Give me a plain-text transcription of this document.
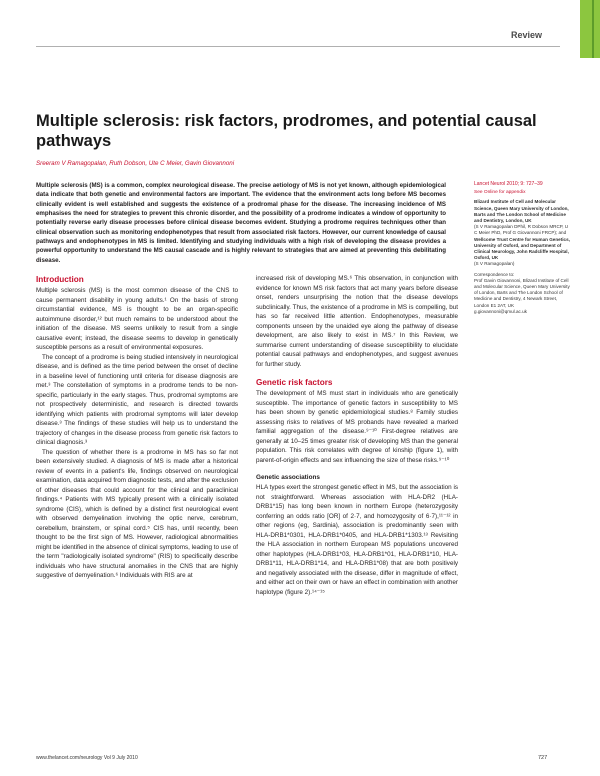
Review
Multiple sclerosis: risk factors, prodromes, and potential causal pathways
Sreeram V Ramagopalan, Ruth Dobson, Ute C Meier, Gavin Giovannoni
Multiple sclerosis (MS) is a common, complex neurological disease. The precise aetiology of MS is not yet known, although epidemiological data indicate that both genetic and environmental factors are important. The evidence that the environment acts long before MS becomes clinically evident is well established and suggests the existence of a prodromal phase for the disease. The increasing incidence of MS emphasises the need for strategies to prevent this chronic disorder, and the possibility of a prodrome indicates a window of opportunity to potentially reverse early disease processes before clinical disease becomes evident. Studying a prodrome requires techniques other than clinical observation such as monitoring endophenotypes that result from associated risk factors. However, our current knowledge of causal pathways and endophenotypes in MS is limited. Identifying and studying individuals with a high risk of developing the disease provides a powerful opportunity to understand the MS causal cascade and is highly relevant to strategies that are aimed at preventing this debilitating disease.
Lancet Neurol 2010; 9: 727–39
See Online for appendix
Blizard Institute of Cell and Molecular Science, Queen Mary University of London, Barts and The London School of Medicine and Dentistry, London, UK
(S V Ramagopalan DPhil, R Dobson MRCP, U C Meier PhD, Prof G Giovannoni FRCP); and
Wellcome Trust Centre for Human Genetics, University of Oxford, and Department of Clinical Neurology, John Radcliffe Hospital, Oxford, UK
(S V Ramagopalan)
Correspondence to:
Prof Gavin Giovannoni, Blizard Institute of Cell and Molecular Science, Queen Mary University of London, Barts and The London School of Medicine and Dentistry, 4 Newark Street, London E1 2AT, UK
g.giovannoni@qmul.ac.uk
Introduction

Multiple sclerosis (MS) is the most common disease of the CNS to cause permanent disability in young adults.¹ On the basis of strong circumstantial evidence, MS is thought to be an organ-specific autoimmune disorder,¹² but much remains to be understood about the initiation of the disease. MS seems unlikely to result from a single causative event; instead, the disease seems to develop in genetically susceptible persons as a result of environmental exposures.

The concept of a prodrome is being studied intensively in neurological disease, and is defined as the time period between the onset of decline in a baseline level of functioning until criteria for disease diagnosis are met.³ The constellation of symptoms in a prodrome tends to be non-specific, particularly in the early stages. Thus, prodromal symptoms are not prospectively deterministic, and research is directed towards identifying which patients with prodromal symptoms will later develop disease.³ The findings of these studies will help us to understand the trajectory of changes in the disease process from genetic risk factors to clinical diagnosis.³

The question of whether there is a prodrome in MS has so far not been extensively studied. A diagnosis of MS is made after a historical review of events in a patient's life, findings observed on neurological examination, data acquired from diagnostic tests, and after the exclusion of other diseases that could account for the clinical and paraclinical findings.⁴ Patients with MS typically present with a clinically isolated syndrome (CIS), which is defined by a distinct first neurological event with observed demyelination involving the optic nerve, cerebrum, cerebellum, brainstem, or spinal cord.⁵ CIS has, until recently, been thought to be the first sign of MS. However, radiological abnormalities might be identified in the absence of clinical symptoms, leading to use of the term "radiologically isolated syndrome" (RIS) to specifically describe individuals who have structural anomalies in the CNS that are highly suggestive of demyelination.⁶ Individuals with RIS are at

increased risk of developing MS.⁶ This observation, in conjunction with evidence for known MS risk factors that act many years before disease onset, renders unsurprising the notion that the disease develops subclinically. Thus, the existence of a prodrome in MS is compelling, but has so far received little attention. Endophenotypes, measurable components unseen by the unaided eye along the pathway of disease development, are also likely to exist in MS.⁷ In this Review, we summarise current understanding of disease susceptibility to elucidate potential causal pathways and endophenotypes, and suggest avenues for further study.

Genetic risk factors

The development of MS must start in individuals who are genetically susceptible. The importance of genetic factors in susceptibility to MS has been shown by genetic epidemiological studies.⁸ Family studies assessing risks to relatives of MS probands have revealed a marked familial aggregation of the disease.⁹⁻¹⁰ First-degree relatives are generally at 10–25 times greater risk of developing MS than the general population. This risk correlates with degree of kinship (figure 1), with parent-of-origin effects and sex influencing the size of these risks.⁹⁻¹⁰

Genetic associations

HLA types exert the strongest genetic effect in MS, but the association is not straightforward. Whereas association with HLA-DR2 (HLA-DRB1*15) has long been known in northern Europe (heterozygosity conferring an odds ratio [OR] of 2·7, and homozygosity of 6·7),¹¹⁻¹² in other regions (eg, Sardinia), association is predominantly seen with HLA-DRB1*0301, HLA-DRB1*0405, and HLA-DRB1*1303.¹³ Revisiting the HLA association in northern European MS populations uncovered other haplotypes (HLA-DRB1*03, HLA-DRB1*01, HLA-DRB1*10, HLA-DRB1*11, HLA-DRB1*14, and HLA-DRB1*08) that are both positively and negatively associated with the disease, differ in magnitude of effect, and either act on their own or have an effect in combination with another haplotype (figure 2).¹⁴⁻¹⁵

www.thelancet.com/neurology Vol 9 July 2010	727
